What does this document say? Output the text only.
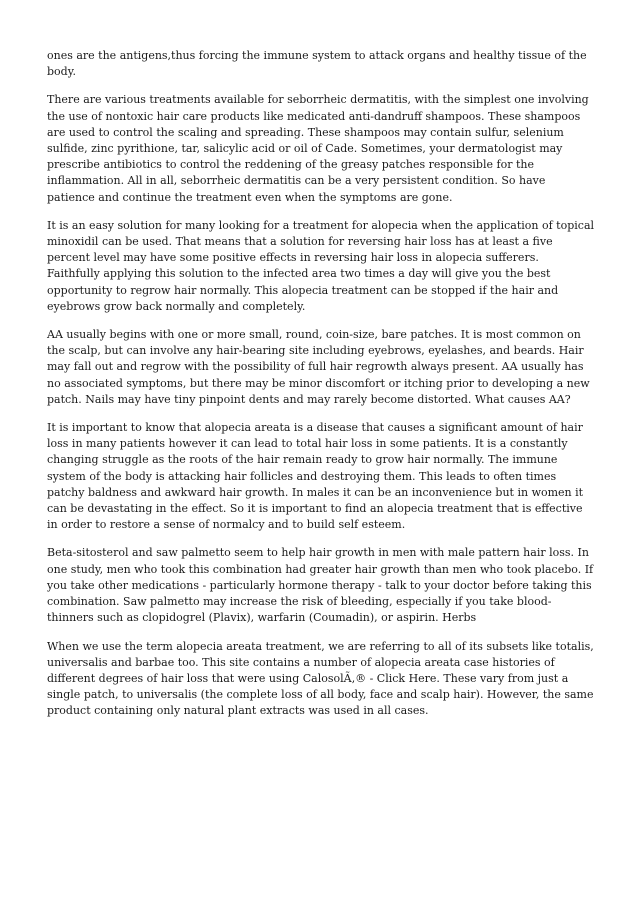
ones are the antigens,thus forcing the immune system to attack organs and healthy tissue of the body.

There are various treatments available for seborrheic dermatitis, with the simplest one involving the use of nontoxic hair care products like medicated anti-dandruff shampoos. These shampoos are used to control the scaling and spreading. These shampoos may contain sulfur, selenium sulfide, zinc pyrithione, tar, salicylic acid or oil of Cade. Sometimes, your dermatologist may prescribe antibiotics to control the reddening of the greasy patches responsible for the inflammation. All in all, seborrheic dermatitis can be a very persistent condition. So have patience and continue the treatment even when the symptoms are gone.

It is an easy solution for many looking for a treatment for alopecia when the application of topical minoxidil can be used. That means that a solution for reversing hair loss has at least a five percent level may have some positive effects in reversing hair loss in alopecia sufferers. Faithfully applying this solution to the infected area two times a day will give you the best opportunity to regrow hair normally. This alopecia treatment can be stopped if the hair and eyebrows grow back normally and completely.

AA usually begins with one or more small, round, coin-size, bare patches. It is most common on the scalp, but can involve any hair-bearing site including eyebrows, eyelashes, and beards. Hair may fall out and regrow with the possibility of full hair regrowth always present. AA usually has no associated symptoms, but there may be minor discomfort or itching prior to developing a new patch. Nails may have tiny pinpoint dents and may rarely become distorted. What causes AA?

It is important to know that alopecia areata is a disease that causes a significant amount of hair loss in many patients however it can lead to total hair loss in some patients. It is a constantly changing struggle as the roots of the hair remain ready to grow hair normally. The immune system of the body is attacking hair follicles and destroying them. This leads to often times patchy baldness and awkward hair growth. In males it can be an inconvenience but in women it can be devastating in the effect. So it is important to find an alopecia treatment that is effective in order to restore a sense of normalcy and to build self esteem.

Beta-sitosterol and saw palmetto seem to help hair growth in men with male pattern hair loss. In one study, men who took this combination had greater hair growth than men who took placebo. If you take other medications - particularly hormone therapy - talk to your doctor before taking this combination. Saw palmetto may increase the risk of bleeding, especially if you take blood-thinners such as clopidogrel (Plavix), warfarin (Coumadin), or aspirin. Herbs

When we use the term alopecia areata treatment, we are referring to all of its subsets like totalis, universalis and barbae too. This site contains a number of alopecia areata case histories of different degrees of hair loss that were using CalosolÃ‚® - Click Here. These vary from just a single patch, to universalis (the complete loss of all body, face and scalp hair). However, the same product containing only natural plant extracts was used in all cases.
